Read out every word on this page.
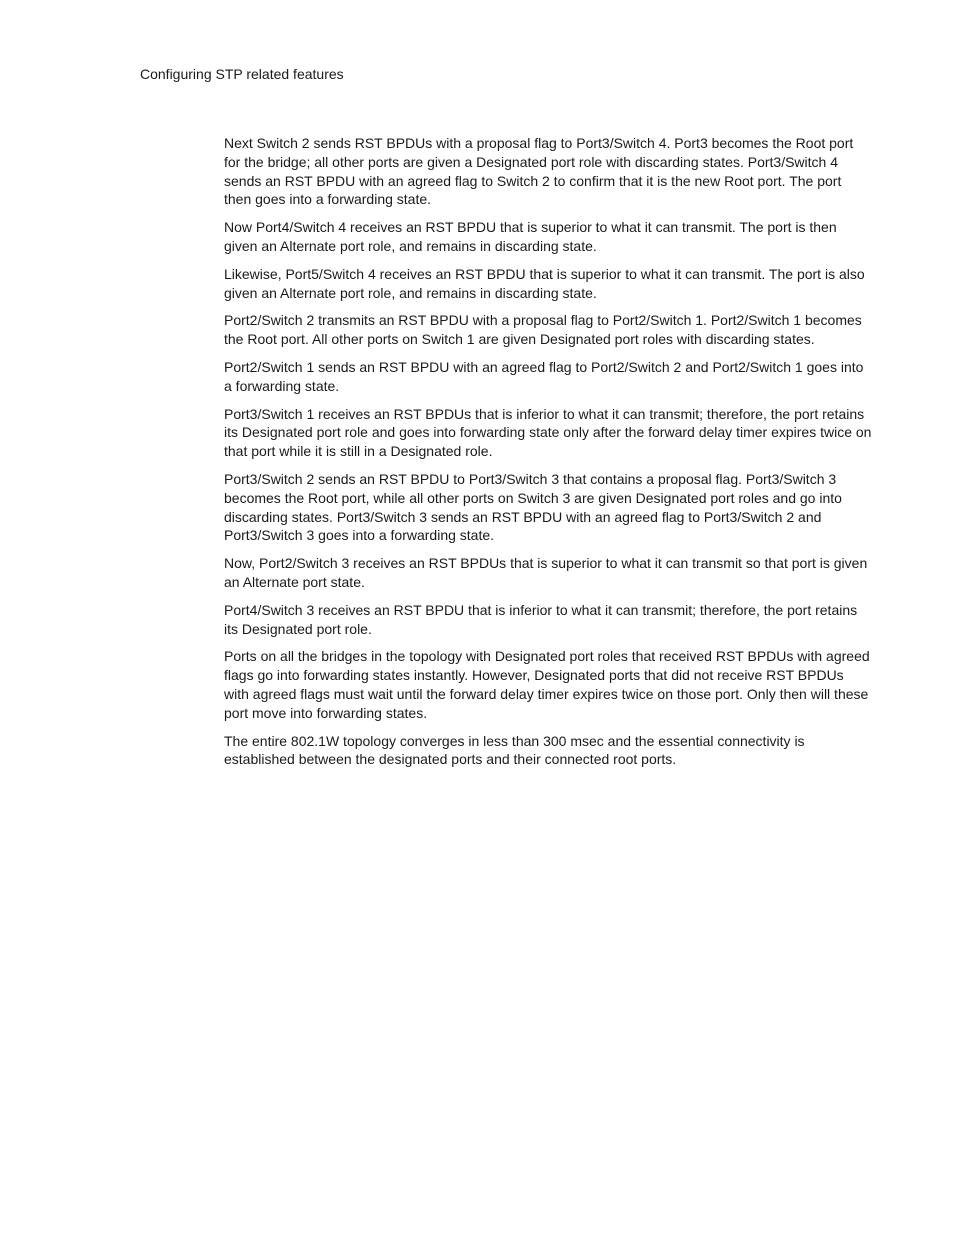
Configuring STP related features

Next Switch 2 sends RST BPDUs with a proposal flag to Port3/Switch 4. Port3 becomes the Root port for the bridge; all other ports are given a Designated port role with discarding states. Port3/Switch 4 sends an RST BPDU with an agreed flag to Switch 2 to confirm that it is the new Root port. The port then goes into a forwarding state.

Now Port4/Switch 4 receives an RST BPDU that is superior to what it can transmit. The port is then given an Alternate port role, and remains in discarding state.

Likewise, Port5/Switch 4 receives an RST BPDU that is superior to what it can transmit. The port is also given an Alternate port role, and remains in discarding state.

Port2/Switch 2 transmits an RST BPDU with a proposal flag to Port2/Switch 1. Port2/Switch 1 becomes the Root port. All other ports on Switch 1 are given Designated port roles with discarding states.

Port2/Switch 1 sends an RST BPDU with an agreed flag to Port2/Switch 2 and Port2/Switch 1 goes into a forwarding state.

Port3/Switch 1 receives an RST BPDUs that is inferior to what it can transmit; therefore, the port retains its Designated port role and goes into forwarding state only after the forward delay timer expires twice on that port while it is still in a Designated role.

Port3/Switch 2 sends an RST BPDU to Port3/Switch 3 that contains a proposal flag. Port3/Switch 3 becomes the Root port, while all other ports on Switch 3 are given Designated port roles and go into discarding states. Port3/Switch 3 sends an RST BPDU with an agreed flag to Port3/Switch 2 and Port3/Switch 3 goes into a forwarding state.

Now, Port2/Switch 3 receives an RST BPDUs that is superior to what it can transmit so that port is given an Alternate port state.

Port4/Switch 3 receives an RST BPDU that is inferior to what it can transmit; therefore, the port retains its Designated port role.

Ports on all the bridges in the topology with Designated port roles that received RST BPDUs with agreed flags go into forwarding states instantly. However, Designated ports that did not receive RST BPDUs with agreed flags must wait until the forward delay timer expires twice on those port. Only then will these port move into forwarding states.

The entire 802.1W topology converges in less than 300 msec and the essential connectivity is established between the designated ports and their connected root ports.
